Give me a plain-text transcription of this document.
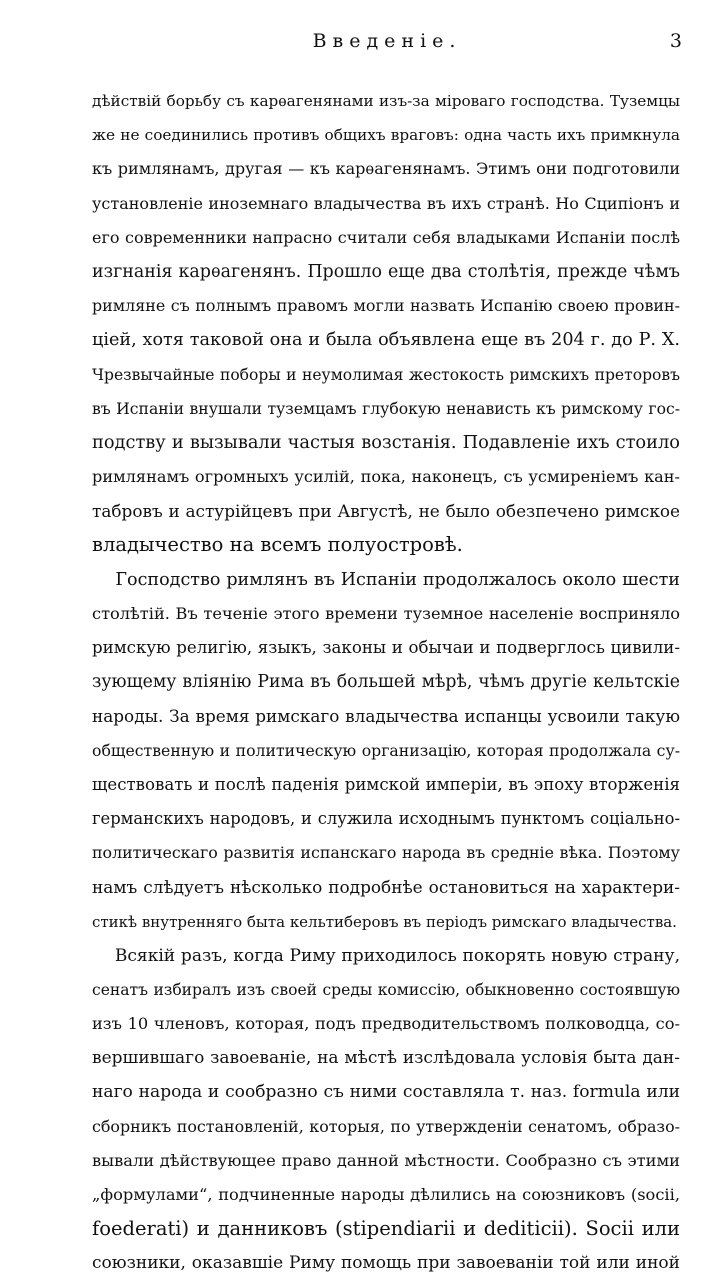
Введеніе.	3
дѣйствій борьбу съ карѳагенянами изъ-за міроваго господства. Туземцы
же не соединились противъ общихъ враговъ: одна часть ихъ примкнула
къ римлянамъ, другая — къ карѳагенянамъ. Этимъ они подготовили
установленіе иноземнаго владычества въ ихъ странѣ. Но Сципіонъ и
его современники напрасно считали себя владыками Испаніи послѣ
изгнанія карѳагенянъ. Прошло еще два столѣтія, прежде чѣмъ
римляне съ полнымъ правомъ могли назвать Испанію своею провин-
ціей, хотя таковой она и была объявлена еще въ 204 г. до Р. Х.
Чрезвычайные поборы и неумолимая жестокость римскихъ преторовъ
въ Испаніи внушали туземцамъ глубокую ненависть къ римскому гос-
подству и вызывали частыя возстанія. Подавленіе ихъ стоило
римлянамъ огромныхъ усилій, пока, наконецъ, съ усмиреніемъ кан-
табровъ и астурійцевъ при Августѣ, не было обезпечено римское
владычество на всемъ полуостровѣ.
Господство римлянъ въ Испаніи продолжалось около шести
столѣтій. Въ теченіе этого времени туземное населеніе восприняло
римскую религію, языкъ, законы и обычаи и подверглось цивили-
зующему вліянію Рима въ большей мѣрѣ, чѣмъ другіе кельтскіе
народы. За время римскаго владычества испанцы усвоили такую
общественную и политическую организацію, которая продолжала су-
ществовать и послѣ паденія римской имперіи, въ эпоху вторженія
германскихъ народовъ, и служила исходнымъ пунктомъ соціально-
политическаго развитія испанскаго народа въ средніе вѣка. Поэтому
намъ слѣдуетъ нѣсколько подробнѣе остановиться на характери-
стикѣ внутренняго быта кельтиберовъ въ періодъ римскаго владычества.
Всякій разъ, когда Риму приходилось покорять новую страну,
сенатъ избиралъ изъ своей среды комиссію, обыкновенно состоявшую
изъ 10 членовъ, которая, подъ предводительствомъ полководца, со-
вершившаго завоеваніе, на мѣстѣ изслѣдовала условія быта дан-
наго народа и сообразно съ ними составляла т. наз. formula или
сборникъ постановленій, которыя, по утвержденіи сенатомъ, образо-
вывали дѣйствующее право данной мѣстности. Сообразно съ этими
„формулами“, подчиненные народы дѣлились на союзниковъ (socii,
foederati) и данниковъ (stipendiarii и dediticii). Socii или
союзники, оказавшіе Риму помощь при завоеваніи той или иной
